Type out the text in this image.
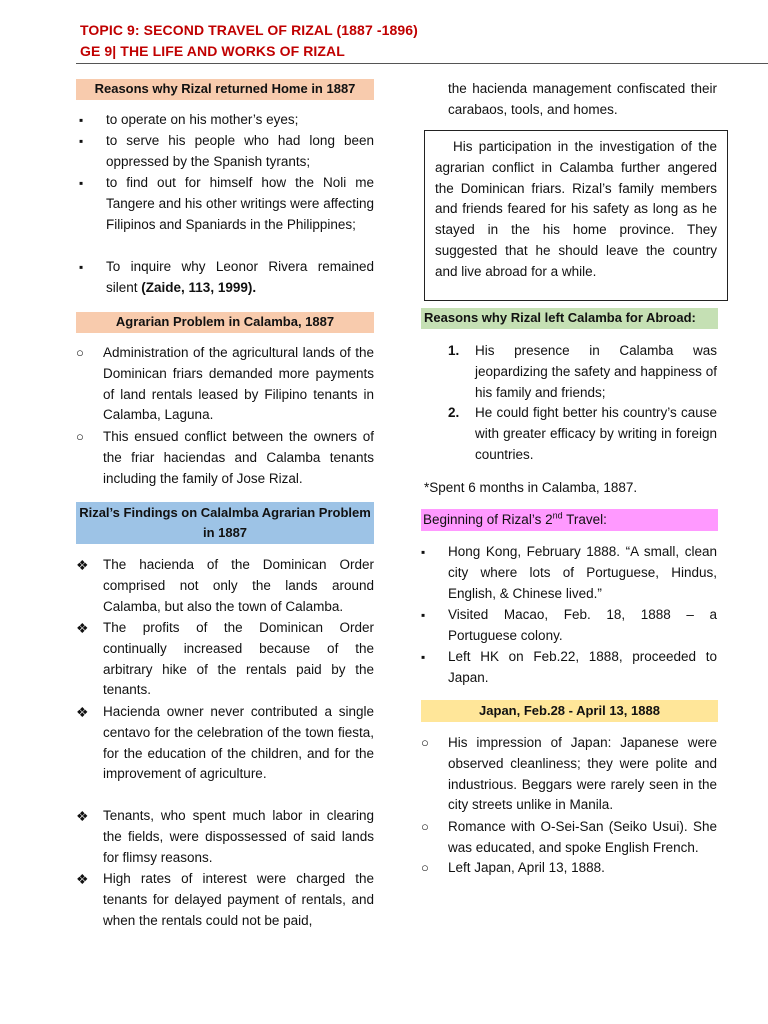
TOPIC 9: SECOND TRAVEL OF RIZAL (1887 -1896)
GE 9| THE LIFE AND WORKS OF RIZAL
Reasons why Rizal returned Home in 1887
▪	to operate on his mother’s eyes;
▪	to serve his people who had long been oppressed by the Spanish tyrants;
▪	to find out for himself how the Noli me Tangere and his other writings were affecting Filipinos and Spaniards in the Philippines;
▪	To inquire why Leonor Rivera remained silent (Zaide, 113, 1999).
Agrarian Problem in Calamba, 1887
○	Administration of the agricultural lands of the Dominican friars demanded more payments of land rentals leased by Filipino tenants in Calamba, Laguna.
○	This ensued conflict between the owners of the friar haciendas and Calamba tenants including the family of Jose Rizal.
Rizal’s Findings on Calalmba Agrarian Problem in 1887
❖	The hacienda of the Dominican Order comprised not only the lands around Calamba, but also the town of Calamba.
❖	The profits of the Dominican Order continually increased because of the arbitrary hike of the rentals paid by the tenants.
❖	Hacienda owner never contributed a single centavo for the celebration of the town fiesta, for the education of the children, and for the improvement of agriculture.
❖	Tenants, who spent much labor in clearing the fields, were dispossessed of said lands for flimsy reasons.
❖	High rates of interest were charged the tenants for delayed payment of rentals, and when the rentals could not be paid,
the hacienda management confiscated their carabaos, tools, and homes.
His participation in the investigation of the agrarian conflict in Calamba further angered the Dominican friars. Rizal’s family members and friends feared for his safety as long as he stayed in the his home province. They suggested that he should leave the country and live abroad for a while.
Reasons why Rizal left Calamba for Abroad:
1.	His presence in Calamba was jeopardizing the safety and happiness of his family and friends;
2.	He could fight better his country’s cause with greater efficacy by writing in foreign countries.
*Spent 6 months in Calamba, 1887.
Beginning of Rizal’s 2nd Travel:
▪	Hong Kong, February 1888. “A small, clean city where lots of Portuguese, Hindus, English, & Chinese lived.”
▪	Visited Macao, Feb. 18, 1888 – a Portuguese colony.
▪	Left HK on Feb.22, 1888, proceeded to Japan.
Japan, Feb.28 - April 13, 1888
○	His impression of Japan: Japanese were observed cleanliness; they were polite and industrious. Beggars were rarely seen in the city streets unlike in Manila.
○	Romance with O-Sei-San (Seiko Usui). She was educated, and spoke English French.
○	Left Japan, April 13, 1888.
